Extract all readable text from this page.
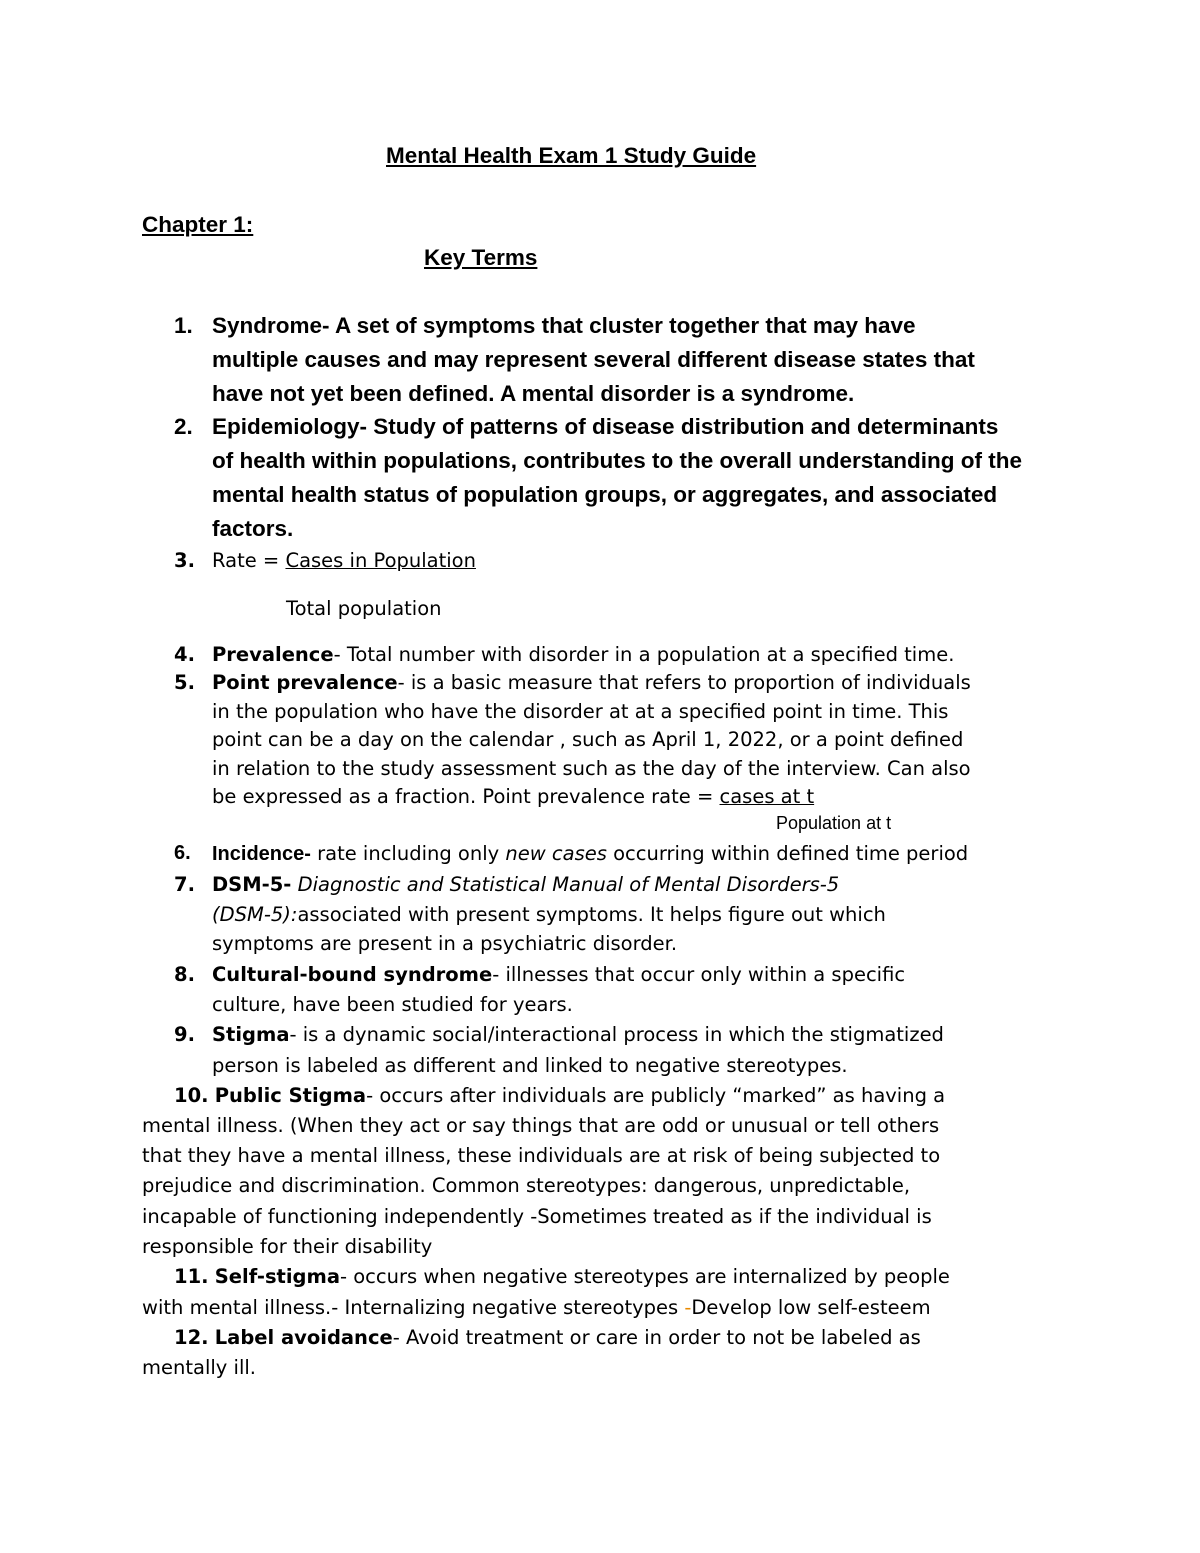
Mental Health Exam 1 Study Guide
Chapter 1:
Key Terms
1. Syndrome- A set of symptoms that cluster together that may have
multiple causes and may represent several different disease states that
have not yet been defined. A mental disorder is a syndrome.
2. Epidemiology- Study of patterns of disease distribution and determinants
of health within populations, contributes to the overall understanding of the
mental health status of population groups, or aggregates, and associated
factors.
3. Rate = Cases in Population
Total population
4. Prevalence- Total number with disorder in a population at a specified time.
5. Point prevalence- is a basic measure that refers to proportion of individuals
in the population who have the disorder at at a specified point in time. This
point can be a day on the calendar , such as April 1, 2022, or a point defined
in relation to the study assessment such as the day of the interview. Can also
be expressed as a fraction. Point prevalence rate = cases at t
Population at t
6. Incidence- rate including only new cases occurring within defined time period
7. DSM-5- Diagnostic and Statistical Manual of Mental Disorders-5
(DSM-5):associated with present symptoms. It helps figure out which
symptoms are present in a psychiatric disorder.
8. Cultural-bound syndrome- illnesses that occur only within a specific
culture, have been studied for years.
9. Stigma- is a dynamic social/interactional process in which the stigmatized
person is labeled as different and linked to negative stereotypes.
10. Public Stigma- occurs after individuals are publicly “marked” as having a
mental illness. (When they act or say things that are odd or unusual or tell others
that they have a mental illness, these individuals are at risk of being subjected to
prejudice and discrimination. Common stereotypes: dangerous, unpredictable,
incapable of functioning independently -Sometimes treated as if the individual is
responsible for their disability
11. Self-stigma- occurs when negative stereotypes are internalized by people
with mental illness.- Internalizing negative stereotypes -Develop low self-esteem
12. Label avoidance- Avoid treatment or care in order to not be labeled as
mentally ill.
